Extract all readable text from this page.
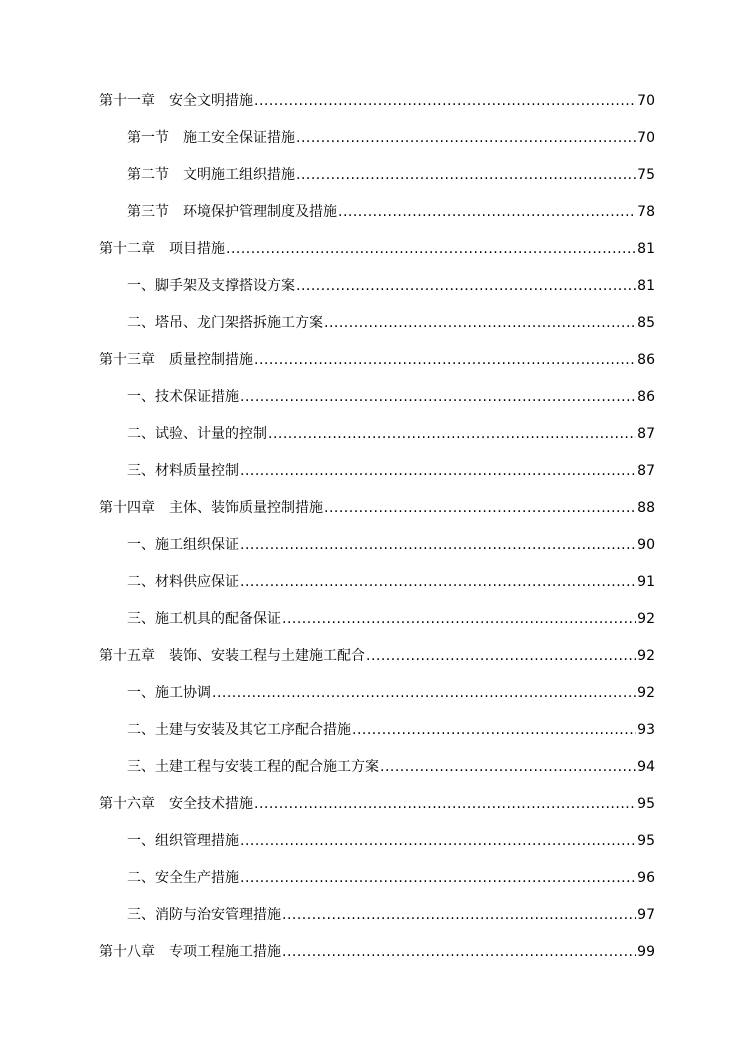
第十一章 安全文明措施 .....	70
第一节 施工安全保证措施 .....	70
第二节 文明施工组织措施 .....	75
第三节 环境保护管理制度及措施 .....	78
第十二章 项目措施 .....	81
一、脚手架及支撑搭设方案 .....	81
二、塔吊、龙门架搭拆施工方案 .....	85
第十三章 质量控制措施 .....	86
一、技术保证措施 .....	86
二、试验、计量的控制 .....	87
三、材料质量控制 .....	87
第十四章 主体、装饰质量控制措施 .....	88
一、施工组织保证 .....	90
二、材料供应保证 .....	91
三、施工机具的配备保证 .....	92
第十五章 装饰、安装工程与土建施工配合 .....	92
一、施工协调 .....	92
二、土建与安装及其它工序配合措施 .....	93
三、土建工程与安装工程的配合施工方案 .....	94
第十六章 安全技术措施 .....	95
一、组织管理措施 .....	95
二、安全生产措施 .....	96
三、消防与治安管理措施 .....	97
第十八章 专项工程施工措施 .....	99
